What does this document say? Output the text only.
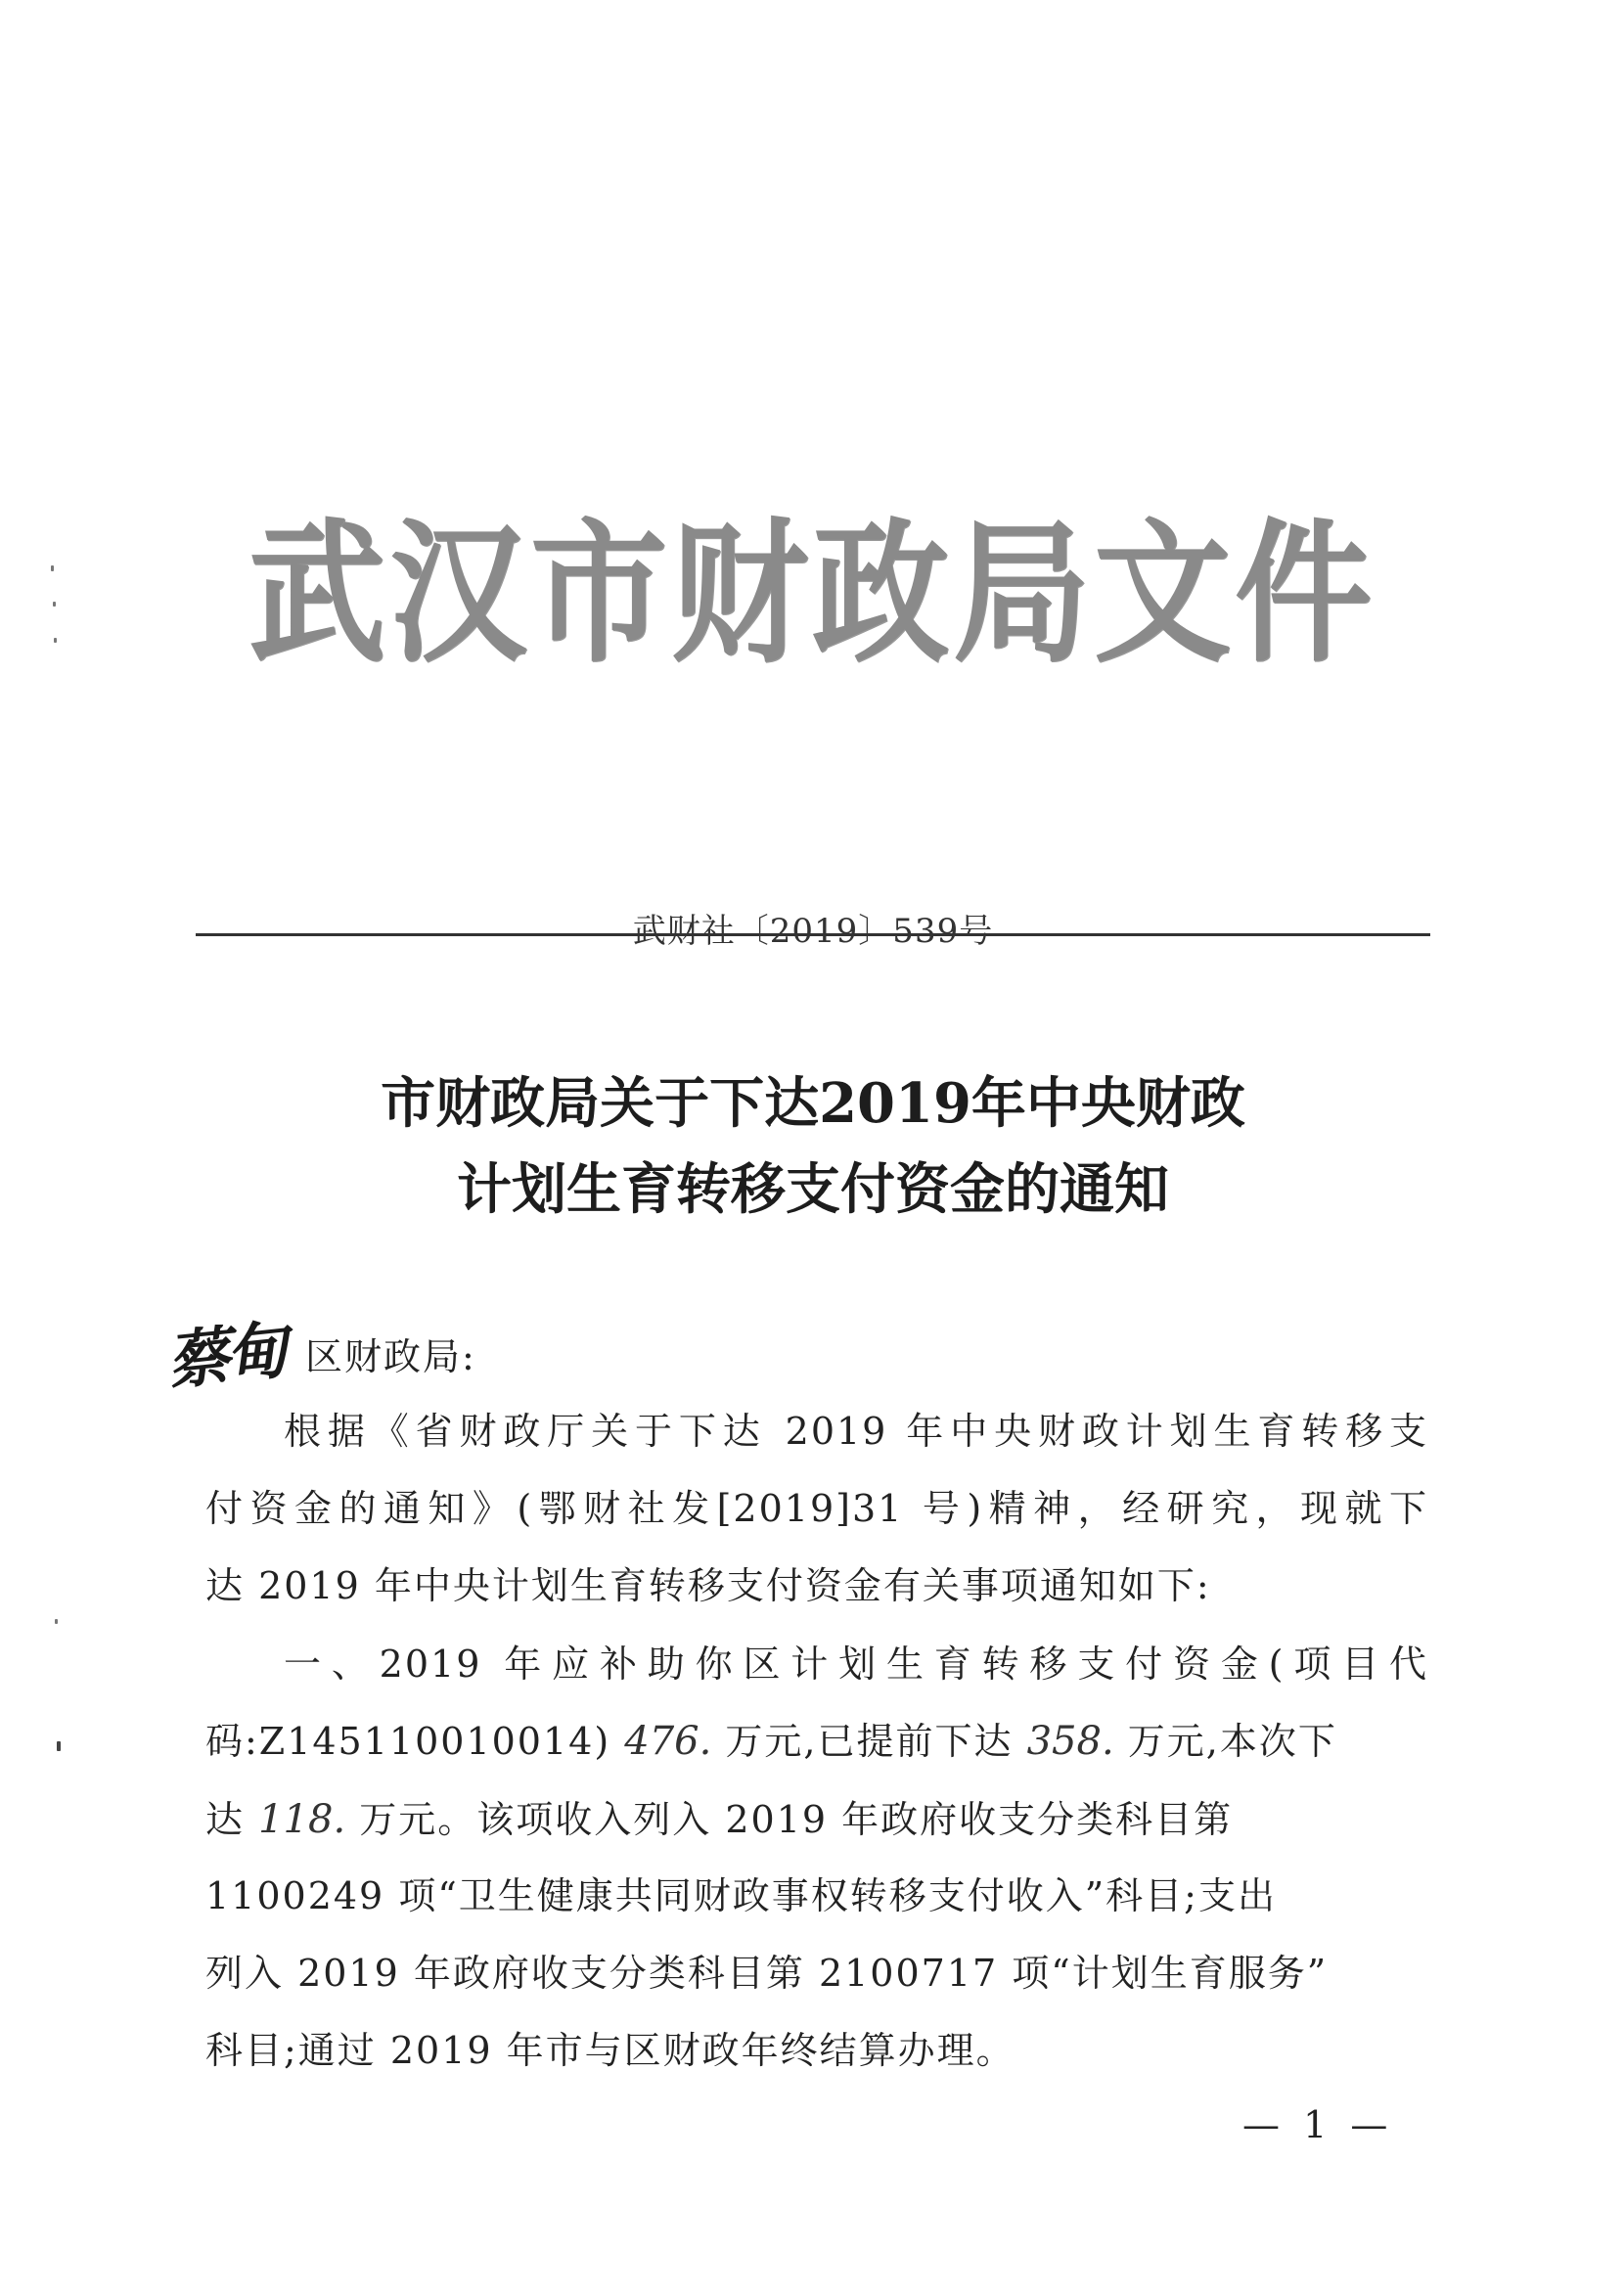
武汉市财政局文件
武财社〔2019〕539号
市财政局关于下达2019年中央财政
计划生育转移支付资金的通知
蔡甸 区财政局:
根据《省财政厅关于下达 2019 年中央财政计划生育转移支
付资金的通知》(鄂财社发[2019]31 号)精神，经研究，现就下
达 2019 年中央计划生育转移支付资金有关事项通知如下:
一、2019 年应补助你区计划生育转移支付资金(项目代
码:Z145110010014) 476. 万元,已提前下达 358. 万元,本次下
达 118. 万元。该项收入列入 2019 年政府收支分类科目第
1100249 项“卫生健康共同财政事权转移支付收入”科目;支出
列入 2019 年政府收支分类科目第 2100717 项“计划生育服务”
科目;通过 2019 年市与区财政年终结算办理。
— 1 —
